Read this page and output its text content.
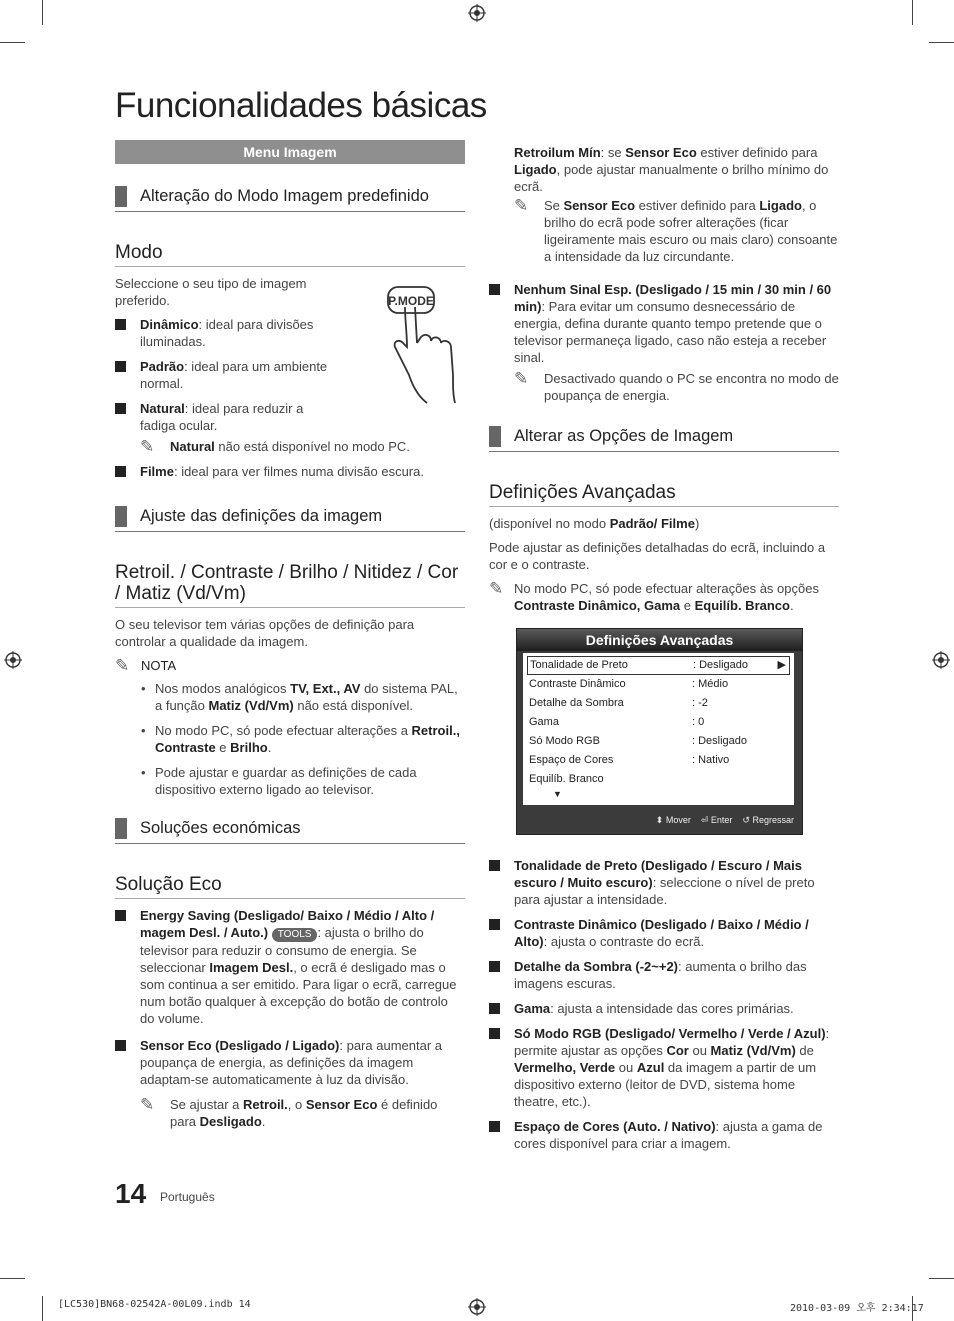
Funcionalidades básicas
Menu Imagem
Alteração do Modo Imagem predefinido
Modo
P.MODE

Seleccione o seu tipo de imagem preferido.

Dinâmico: ideal para divisões iluminadas.
Padrão: ideal para um ambiente normal.
Natural: ideal para reduzir a fadiga ocular.
✎	Natural não está disponível no modo PC.
Filme: ideal para ver filmes numa divisão escura.
Ajuste das definições da imagem
Retroil. / Contraste / Brilho / Nitidez / Cor / Matiz (Vd/Vm)

O seu televisor tem várias opções de definição para controlar a qualidade da imagem.

✎ NOTA
• Nos modos analógicos TV, Ext., AV do sistema PAL, a função Matiz (Vd/Vm) não está disponível.
• No modo PC, só pode efectuar alterações a Retroil., Contraste e Brilho.
• Pode ajustar e guardar as definições de cada dispositivo externo ligado ao televisor.
Soluções económicas
Solução Eco
Energy Saving (Desligado/ Baixo / Médio / Alto / magem Desl. / Auto.) TOOLS : ajusta o brilho do televisor para reduzir o consumo de energia. Se seleccionar Imagem Desl., o ecrã é desligado mas o som continua a ser emitido. Para ligar o ecrã, carregue num botão qualquer à excepção do botão de controlo do volume.
Sensor Eco (Desligado / Ligado): para aumentar a poupança de energia, as definições da imagem adaptam-se automaticamente à luz da divisão.
✎	Se ajustar a Retroil., o Sensor Eco é definido para Desligado.
Retroilum Mín: se Sensor Eco estiver definido para Ligado, pode ajustar manualmente o brilho mínimo do ecrã.
✎	Se Sensor Eco estiver definido para Ligado, o brilho do ecrã pode sofrer alterações (ficar ligeiramente mais escuro ou mais claro) consoante a intensidade da luz circundante.
Nenhum Sinal Esp. (Desligado / 15 min / 30 min / 60 min): Para evitar um consumo desnecessário de energia, defina durante quanto tempo pretende que o televisor permaneça ligado, caso não esteja a receber sinal.
✎	Desactivado quando o PC se encontra no modo de poupança de energia.
Alterar as Opções de Imagem
Definições Avançadas

(disponível no modo Padrão/ Filme)

Pode ajustar as definições detalhadas do ecrã, incluindo a cor e o contraste.

✎ No modo PC, só pode efectuar alterações às opções Contraste Dinâmico, Gama e Equilíb. Branco.
Definições Avançadas
Tonalidade de Preto	: Desligado	▶
Contraste Dinâmico	: Médio
Detalhe da Sombra	: -2
Gama	: 0
Só Modo RGB	: Desligado
Espaço de Cores	: Nativo
Equilíb. Branco
▼
⬍ Mover ⏎ Enter ↺ Regressar
Tonalidade de Preto (Desligado / Escuro / Mais escuro / Muito escuro): seleccione o nível de preto para ajustar a intensidade.
Contraste Dinâmico (Desligado / Baixo / Médio / Alto): ajusta o contraste do ecrã.
Detalhe da Sombra (-2~+2): aumenta o brilho das imagens escuras.
Gama: ajusta a intensidade das cores primárias.
Só Modo RGB (Desligado/ Vermelho / Verde / Azul): permite ajustar as opções Cor ou Matiz (Vd/Vm) de Vermelho, Verde ou Azul da imagem a partir de um dispositivo externo (leitor de DVD, sistema home theatre, etc.).
Espaço de Cores (Auto. / Nativo): ajusta a gama de cores disponível para criar a imagem.
14 Português
[LC530]BN68-02542A-00L09.indb 14	2010-03-09 오후 2:34:17
